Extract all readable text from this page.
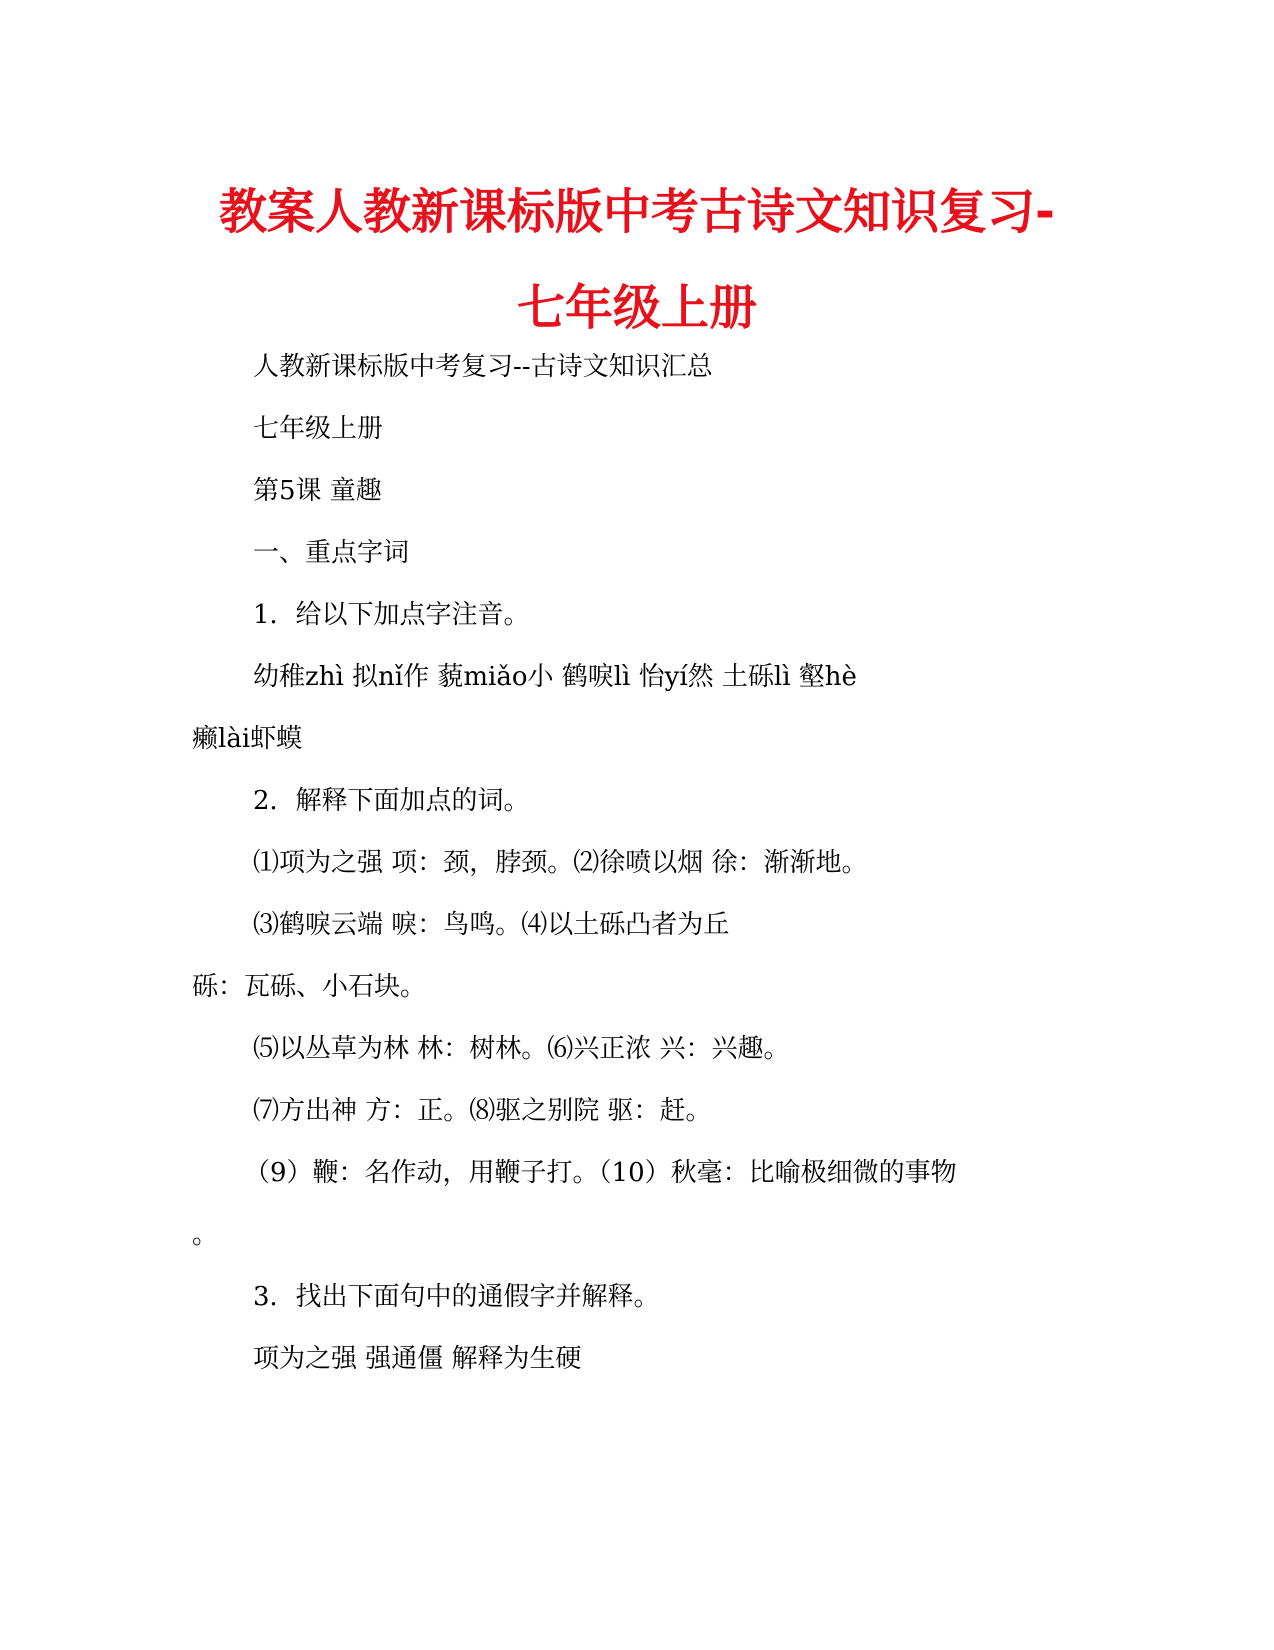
教案人教新课标版中考古诗文知识复习-
七年级上册
人教新课标版中考复习--古诗文知识汇总
七年级上册
第5课 童趣
一、重点字词
1．给以下加点字注音。
幼稚zhì 拟nǐ作 藐miǎo小 鹤唳lì 怡yí然 土砾lì 壑hè
癞lài虾蟆
2．解释下面加点的词。
⑴项为之强 项：颈，脖颈。⑵徐喷以烟 徐：渐渐地。
⑶鹤唳云端 唳：鸟鸣。⑷以土砾凸者为丘
砾：瓦砾、小石块。
⑸以丛草为林 林：树林。⑹兴正浓 兴：兴趣。
⑺方出神 方：正。⑻驱之别院 驱：赶。
（9）鞭：名作动，用鞭子打。（10）秋毫：比喻极细微的事物
。
3．找出下面句中的通假字并解释。
项为之强 强通僵 解释为生硬
